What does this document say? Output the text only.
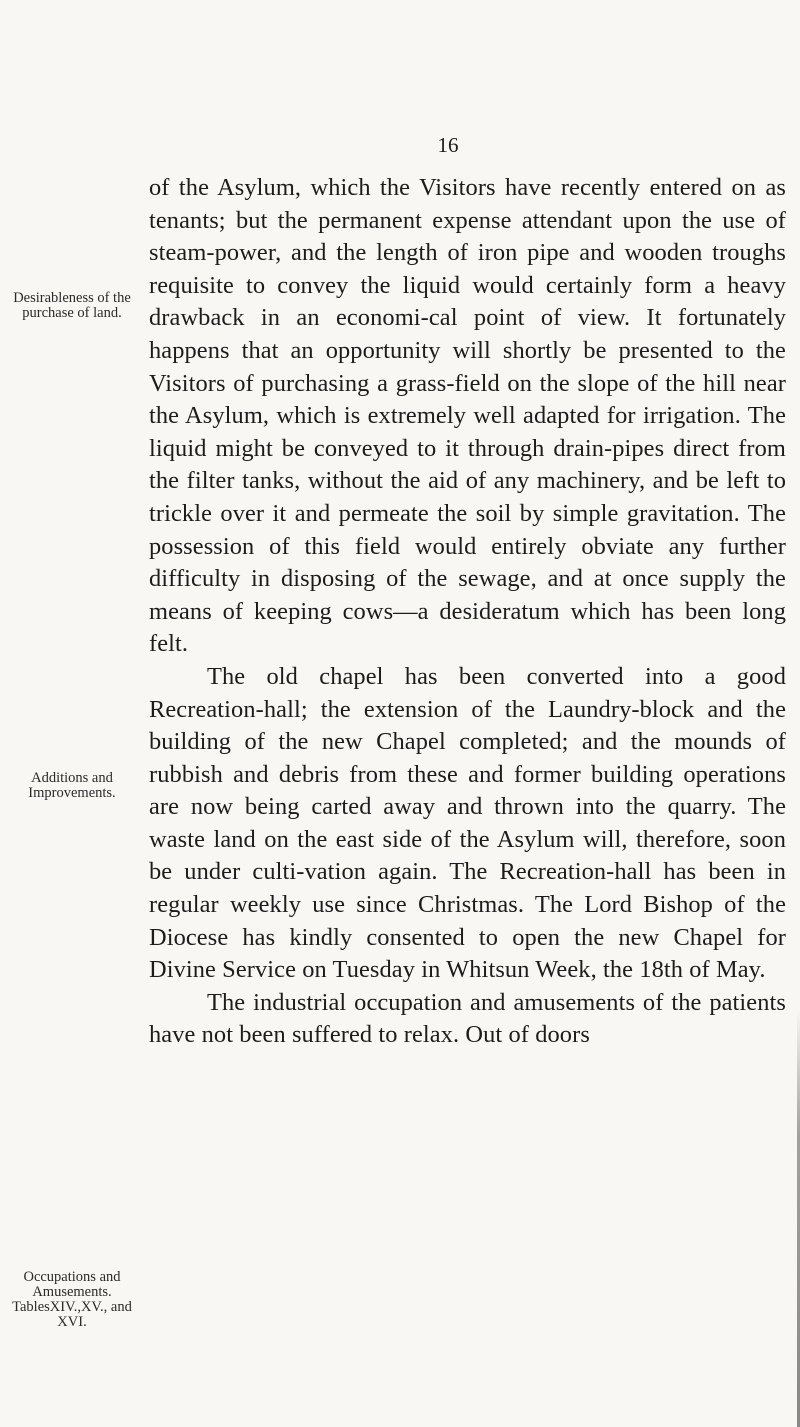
16
Desirableness of the purchase of land.
Additions and Improvements.
Occupations and Amusements. TablesXIV.,XV., and XVI.

of the Asylum, which the Visitors have recently entered on as tenants; but the permanent expense attendant upon the use of steam-power, and the length of iron pipe and wooden troughs requisite to convey the liquid would certainly form a heavy drawback in an economi-cal point of view. It fortunately happens that an opportunity will shortly be presented to the Visitors of purchasing a grass-field on the slope of the hill near the Asylum, which is extremely well adapted for irrigation. The liquid might be conveyed to it through drain-pipes direct from the filter tanks, without the aid of any machinery, and be left to trickle over it and permeate the soil by simple gravitation. The possession of this field would entirely obviate any further difficulty in disposing of the sewage, and at once supply the means of keeping cows—a desideratum which has been long felt.

The old chapel has been converted into a good Recreation-hall; the extension of the Laundry-block and the building of the new Chapel completed; and the mounds of rubbish and debris from these and former building operations are now being carted away and thrown into the quarry. The waste land on the east side of the Asylum will, therefore, soon be under culti-vation again. The Recreation-hall has been in regular weekly use since Christmas. The Lord Bishop of the Diocese has kindly consented to open the new Chapel for Divine Service on Tuesday in Whitsun Week, the 18th of May.

The industrial occupation and amusements of the patients have not been suffered to relax. Out of doors
